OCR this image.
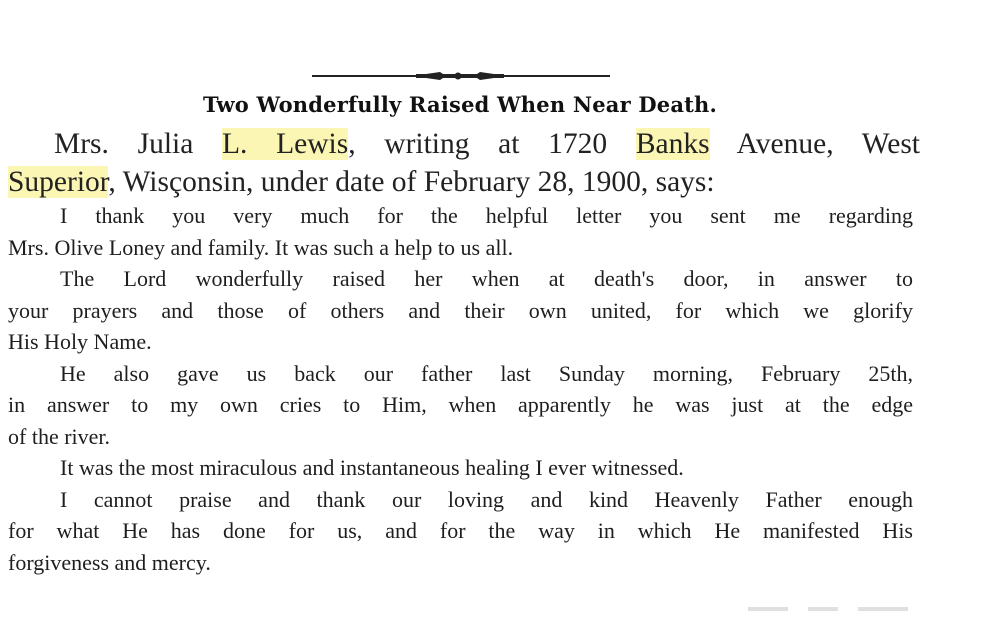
Two Wonderfully Raised When Near Death.
Mrs. Julia L. Lewis, writing at 1720 Banks Avenue, West
Superior, Wisçonsin, under date of February 28, 1900, says:

I thank you very much for the helpful letter you sent me regarding
Mrs. Olive Loney and family. It was such a help to us all.

The Lord wonderfully raised her when at death's door, in answer to
your prayers and those of others and their own united, for which we glorify
His Holy Name.

He also gave us back our father last Sunday morning, February 25th,
in answer to my own cries to Him, when apparently he was just at the edge
of the river.

It was the most miraculous and instantaneous healing I ever witnessed.

I cannot praise and thank our loving and kind Heavenly Father enough
for what He has done for us, and for the way in which He manifested His
forgiveness and mercy.
